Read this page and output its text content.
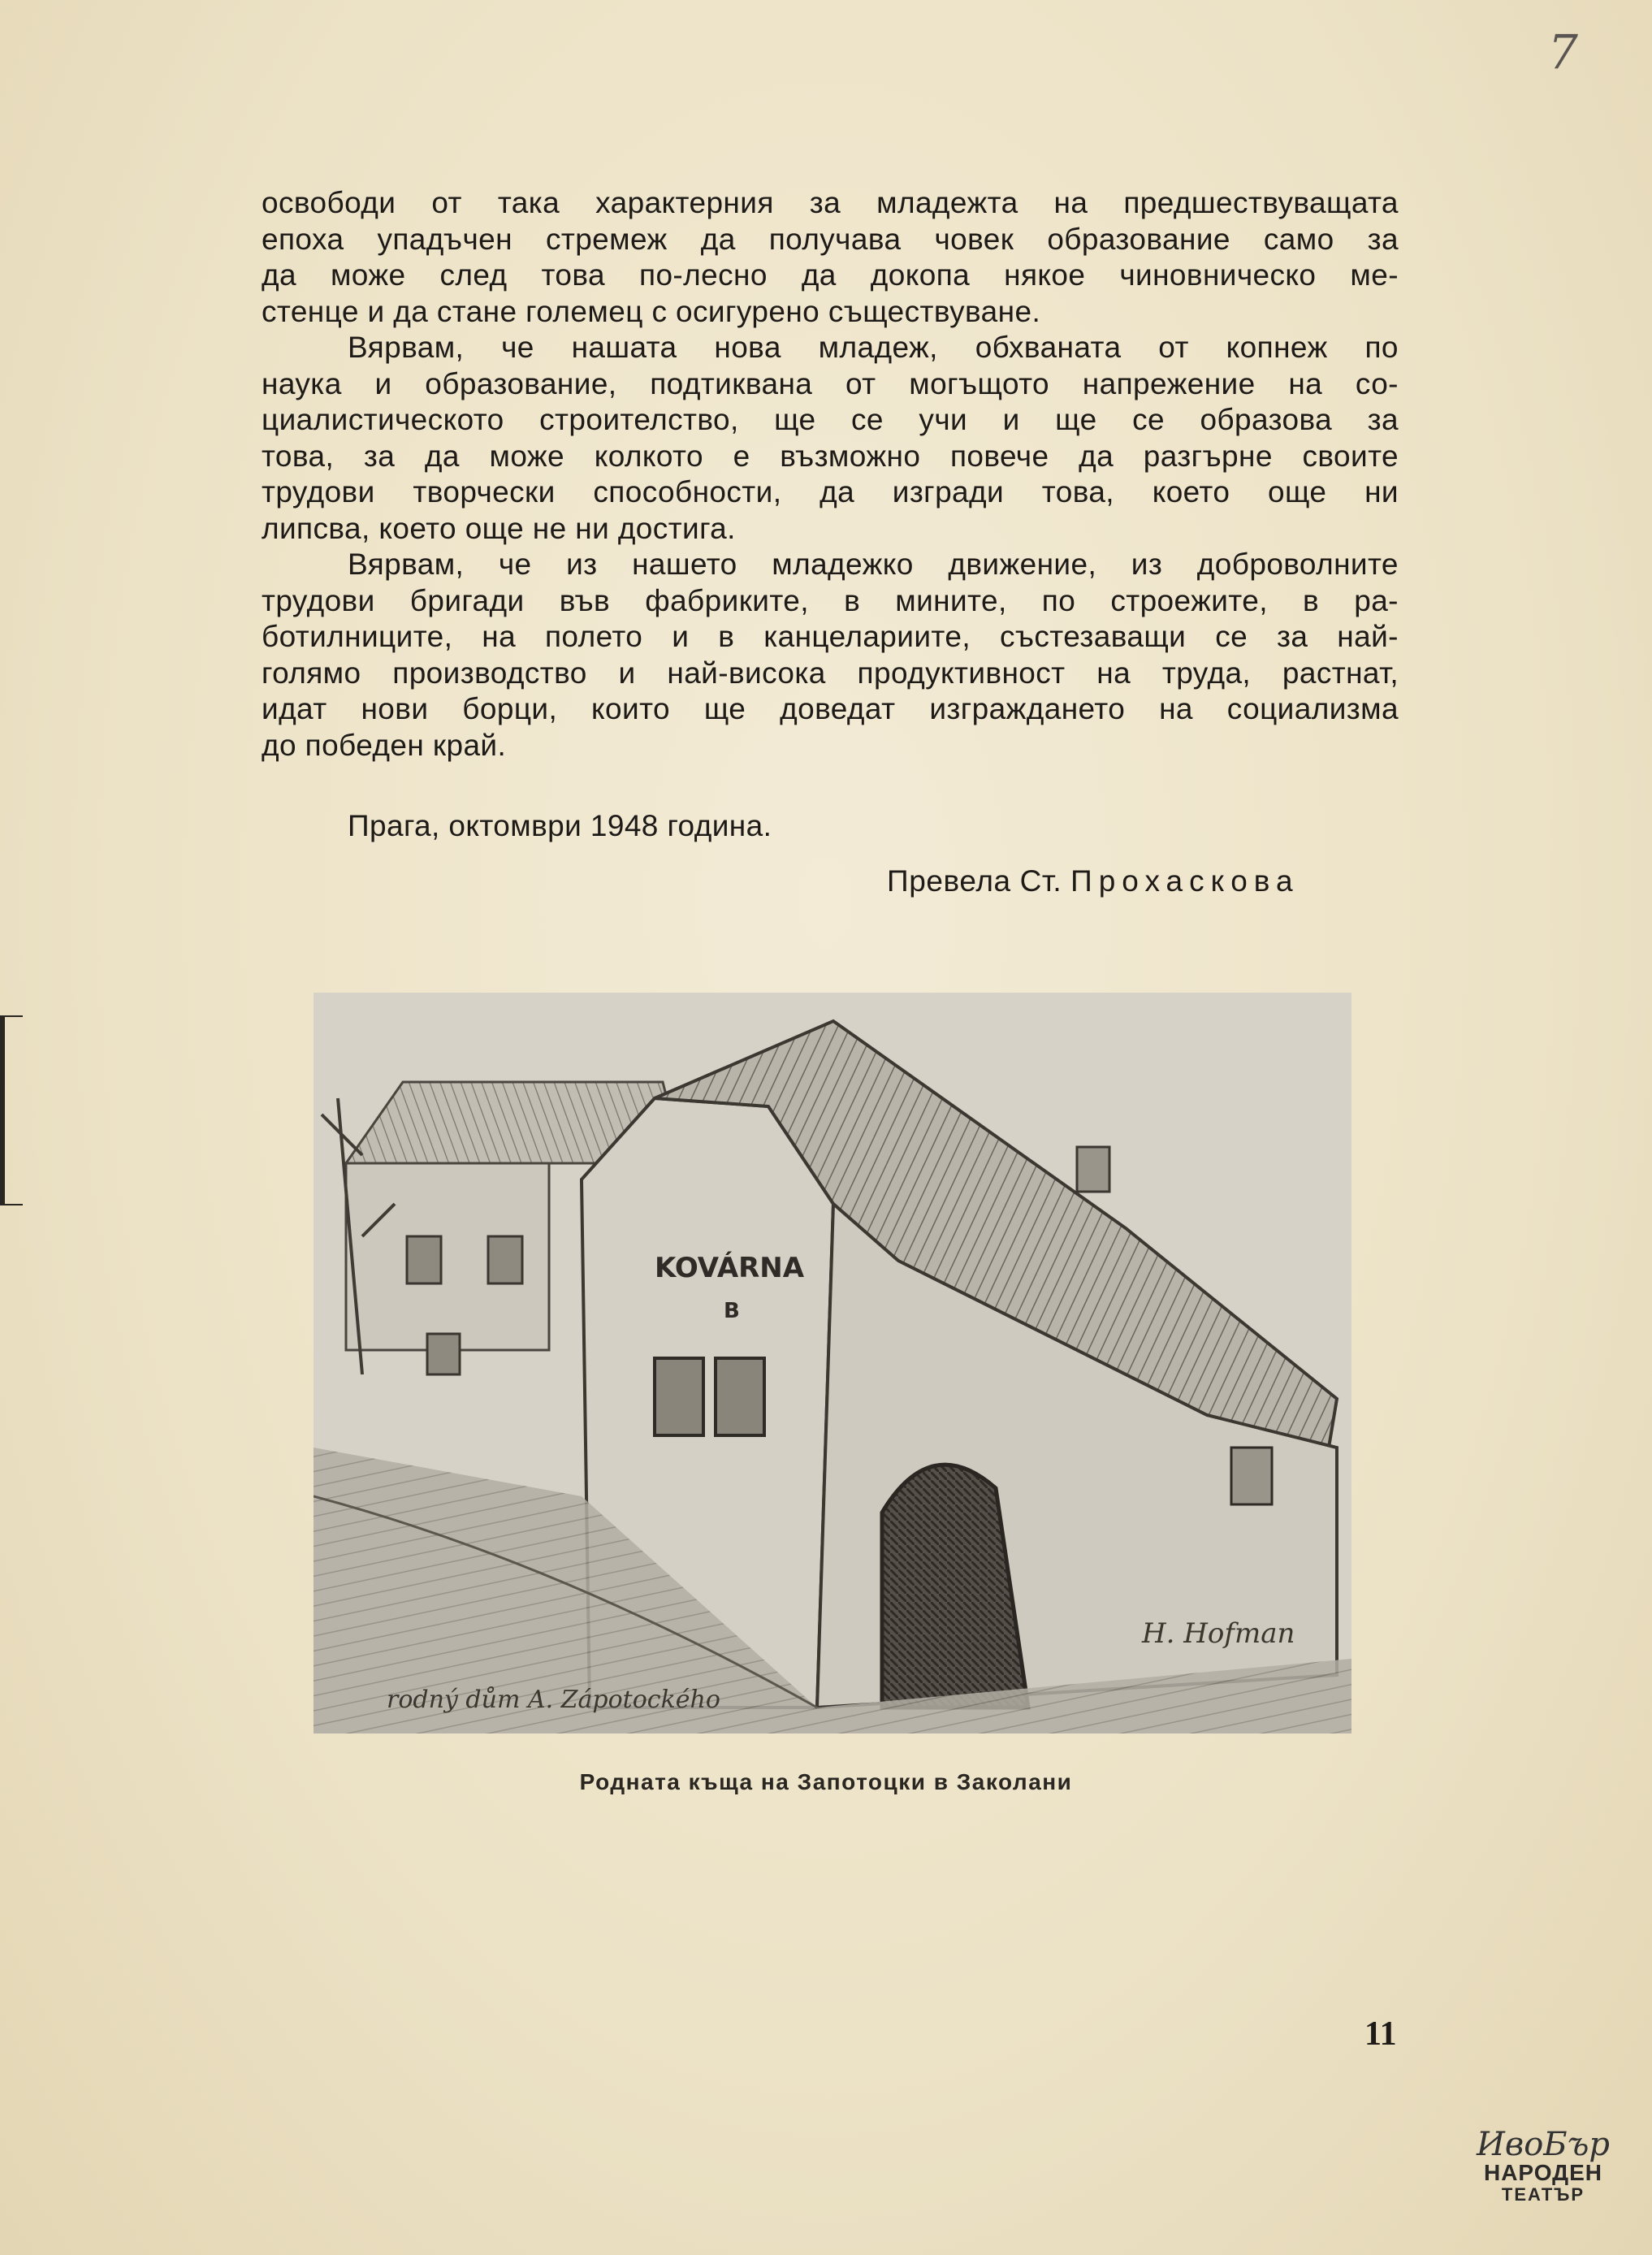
7
освободи от така характерния за младежта на предшествуващата
епоха упадъчен стремеж да получава човек образование само за
да може след това по-лесно да докопа някое чиновническо ме-
стенце и да стане големец с осигурено съществуване.
Вярвам, че нашата нова младеж, обхваната от копнеж по
наука и образование, подтиквана от могъщото напрежение на со-
циалистическото строителство, ще се учи и ще се образова за
това, за да може колкото е възможно повече да разгърне своите
трудови творчески способности, да изгради това, което още ни
липсва, което още не ни достига.
Вярвам, че из нашето младежко движение, из доброволните
трудови бригади във фабриките, в мините, по строежите, в ра-
ботилниците, на полето и в канцелариите, състезаващи се за най-
голямо производство и най-висока продуктивност на труда, растнат,
идат нови борци, които ще доведат изграждането на социализма
до победен край.
Прага, октомври 1948 година.
Превела Ст. Прохаскова
KOVÁRNA
B
rodný dům A. Zápotockého
H. Hofman
Родната къща на Запотоцки в Заколани
11
ИвоБър
НАРОДЕН
ТЕАТЪР
